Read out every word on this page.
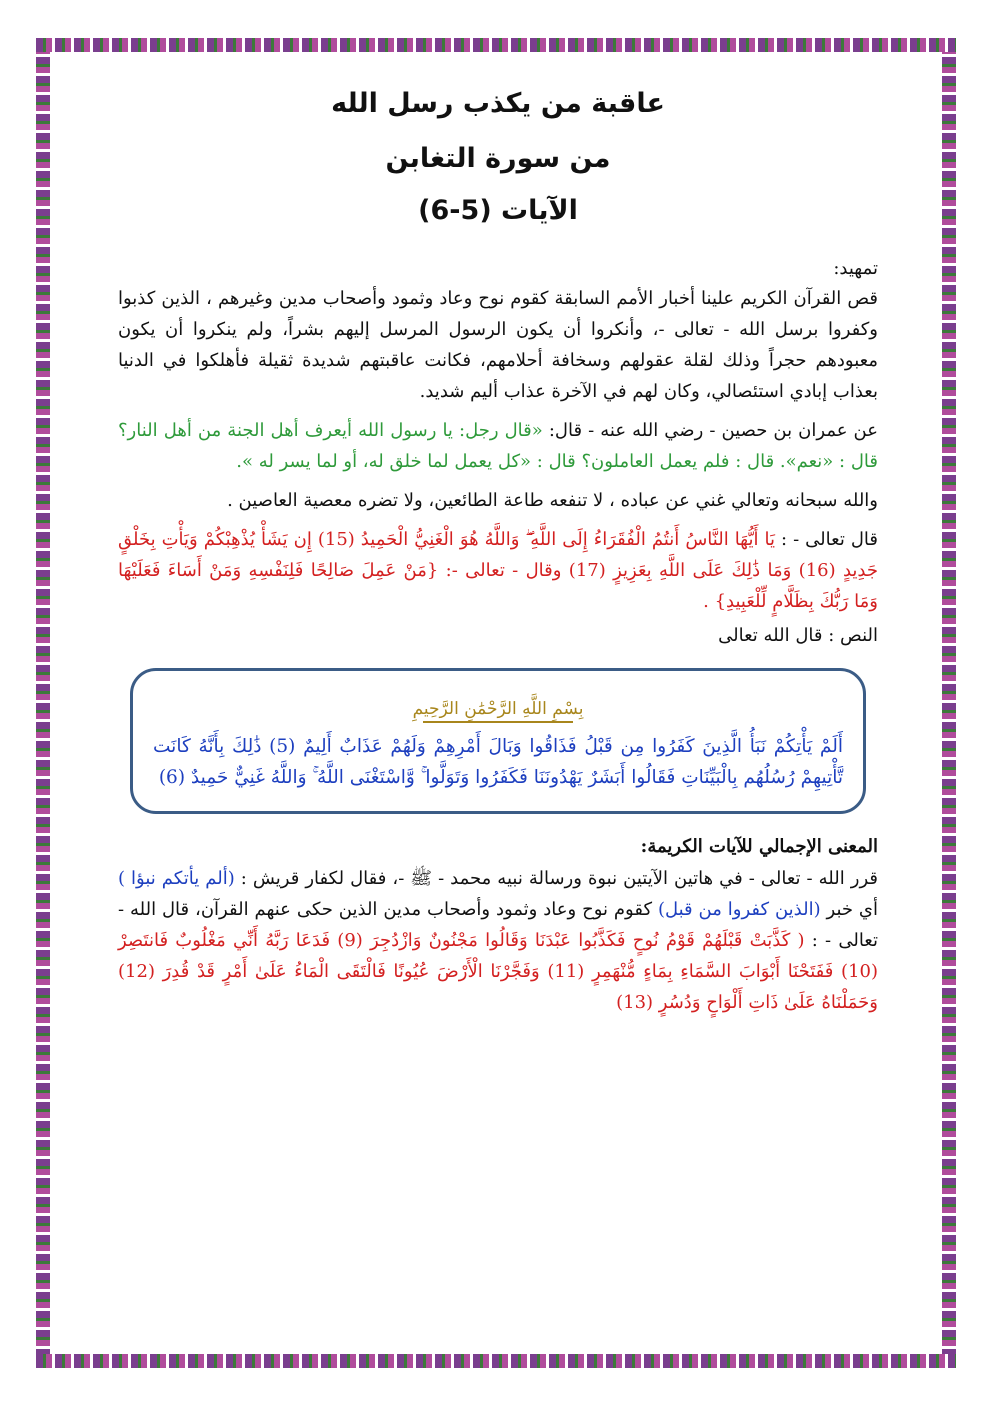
عاقبة من يكذب رسل الله
من سورة التغابن
الآيات (5-6)
تمهيد:

قص القرآن الكريم علينا أخبار الأمم السابقة كقوم نوح وعاد وثمود وأصحاب مدين وغيرهم ، الذين كذبوا وكفروا برسل الله - تعالى -، وأنكروا أن يكون الرسول المرسل إليهم بشراً، ولم ينكروا أن يكون معبودهم حجراً وذلك لقلة عقولهم وسخافة أحلامهم، فكانت عاقبتهم شديدة ثقيلة فأهلكوا في الدنيا بعذاب إبادي استئصالي، وكان لهم في الآخرة عذاب أليم شديد.

عن عمران بن حصين - رضي الله عنه - قال: «قال رجل: يا رسول الله أيعرف أهل الجنة من أهل النار؟ قال : «نعم». قال : فلم يعمل العاملون؟ قال : «كل يعمل لما خلق له، أو لما يسر له ».

والله سبحانه وتعالي غني عن عباده ، لا تنفعه طاعة الطائعين، ولا تضره معصية العاصين .

قال تعالى - : يَا أَيُّهَا النَّاسُ أَنتُمُ الْفُقَرَاءُ إِلَى اللَّهِ ۖ وَاللَّهُ هُوَ الْغَنِيُّ الْحَمِيدُ (15) إِن يَشَأْ يُذْهِبْكُمْ وَيَأْتِ بِخَلْقٍ جَدِيدٍ (16) وَمَا ذَٰلِكَ عَلَى اللَّهِ بِعَزِيزٍ (17) وقال - تعالى -: {مَنْ عَمِلَ صَالِحًا فَلِنَفْسِهِ وَمَنْ أَسَاءَ فَعَلَيْهَا وَمَا رَبُّكَ بِظَلَّامٍ لِّلْعَبِيدِ} .

النص : قال الله تعالى
بِسْمِ اللَّهِ الرَّحْمَٰنِ الرَّحِيمِ

أَلَمْ يَأْتِكُمْ نَبَأُ الَّذِينَ كَفَرُوا مِن قَبْلُ فَذَاقُوا وَبَالَ أَمْرِهِمْ وَلَهُمْ عَذَابٌ أَلِيمٌ (5) ذَٰلِكَ بِأَنَّهُ كَانَت تَّأْتِيهِمْ رُسُلُهُم بِالْبَيِّنَاتِ فَقَالُوا أَبَشَرٌ يَهْدُونَنَا فَكَفَرُوا وَتَوَلَّوا ۚ وَّاسْتَغْنَى اللَّهُ ۚ وَاللَّهُ غَنِيٌّ حَمِيدٌ (6)

المعنى الإجمالي للآيات الكريمة:

قرر الله - تعالى - في هاتين الآيتين نبوة ورسالة نبيه محمد - ﷺ -، فقال لكفار قريش : (ألم يأتكم نبؤا ) أي خبر (الذين كفروا من قبل) كقوم نوح وعاد وثمود وأصحاب مدين الذين حكى عنهم القرآن، قال الله - تعالى - : ( كَذَّبَتْ قَبْلَهُمْ قَوْمُ نُوحٍ فَكَذَّبُوا عَبْدَنَا وَقَالُوا مَجْنُونٌ وَازْدُجِرَ (9) فَدَعَا رَبَّهُ أَنِّي مَغْلُوبٌ فَانتَصِرْ (10) فَفَتَحْنَا أَبْوَابَ السَّمَاءِ بِمَاءٍ مُّنْهَمِرٍ (11) وَفَجَّرْنَا الْأَرْضَ عُيُونًا فَالْتَقَى الْمَاءُ عَلَىٰ أَمْرٍ قَدْ قُدِرَ (12) وَحَمَلْنَاهُ عَلَىٰ ذَاتِ أَلْوَاحٍ وَدُسُرٍ (13)
